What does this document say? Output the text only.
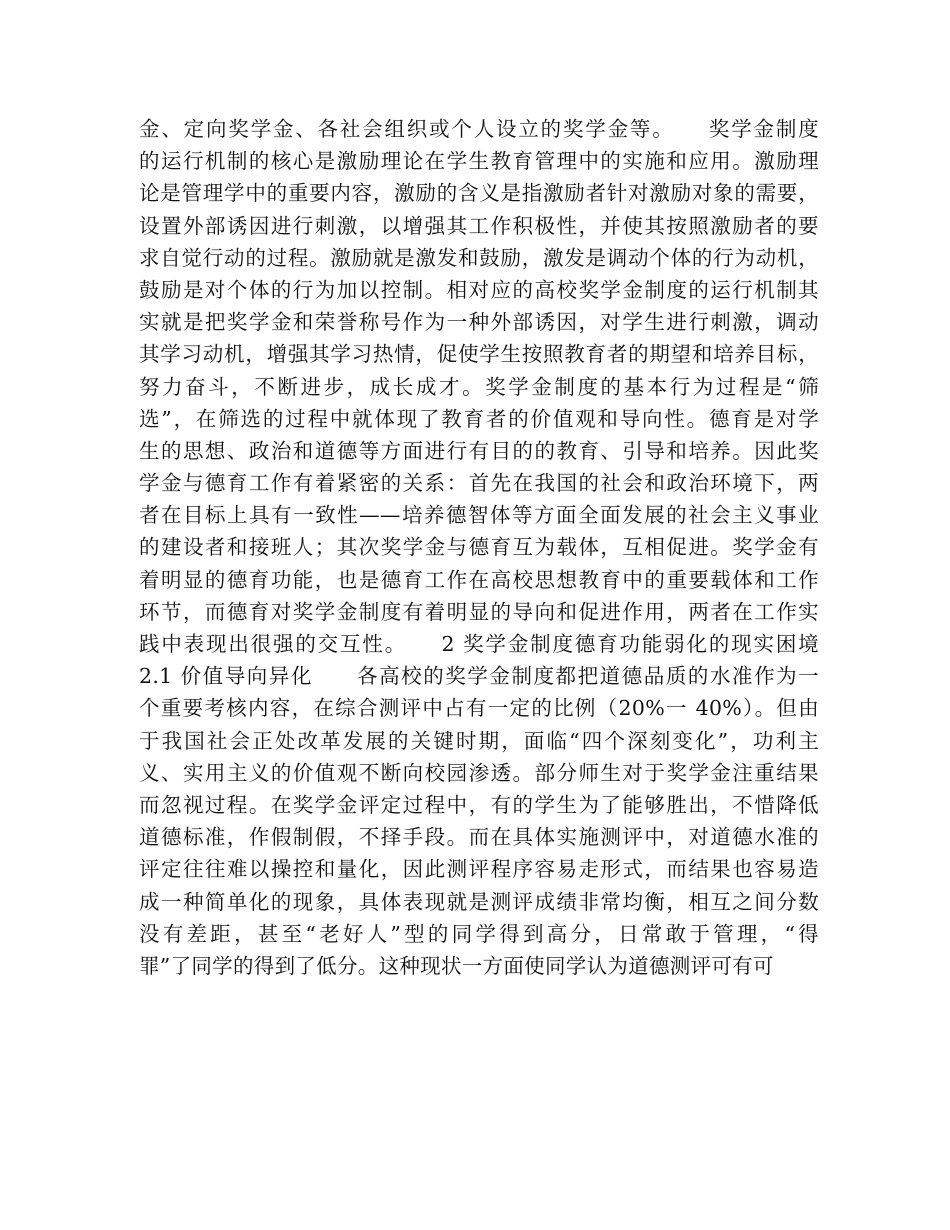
金、定向奖学金、各社会组织或个人设立的奖学金等。　　奖学金制度
的运行机制的核心是激励理论在学生教育管理中的实施和应用。激励理
论是管理学中的重要内容，激励的含义是指激励者针对激励对象的需要，
设置外部诱因进行刺激，以增强其工作积极性，并使其按照激励者的要
求自觉行动的过程。激励就是激发和鼓励，激发是调动个体的行为动机，
鼓励是对个体的行为加以控制。相对应的高校奖学金制度的运行机制其
实就是把奖学金和荣誉称号作为一种外部诱因，对学生进行刺激，调动
其学习动机，增强其学习热情，促使学生按照教育者的期望和培养目标，
努力奋斗，不断进步，成长成才。奖学金制度的基本行为过程是“筛
选”，在筛选的过程中就体现了教育者的价值观和导向性。德育是对学
生的思想、政治和道德等方面进行有目的的教育、引导和培养。因此奖
学金与德育工作有着紧密的关系：首先在我国的社会和政治环境下，两
者在目标上具有一致性——培养德智体等方面全面发展的社会主义事业
的建设者和接班人；其次奖学金与德育互为载体，互相促进。奖学金有
着明显的德育功能，也是德育工作在高校思想教育中的重要载体和工作
环节，而德育对奖学金制度有着明显的导向和促进作用，两者在工作实
践中表现出很强的交互性。　　2 奖学金制度德育功能弱化的现实困境
2.1 价值导向异化　　各高校的奖学金制度都把道德品质的水准作为一
个重要考核内容，在综合测评中占有一定的比例（20%一 40%）。但由
于我国社会正处改革发展的关键时期，面临“四个深刻变化”，功利主
义、实用主义的价值观不断向校园渗透。部分师生对于奖学金注重结果
而忽视过程。在奖学金评定过程中，有的学生为了能够胜出，不惜降低
道德标准，作假制假，不择手段。而在具体实施测评中，对道德水准的
评定往往难以操控和量化，因此测评程序容易走形式，而结果也容易造
成一种简单化的现象，具体表现就是测评成绩非常均衡，相互之间分数
没有差距，甚至“老好人”型的同学得到高分，日常敢于管理，“得
罪”了同学的得到了低分。这种现状一方面使同学认为道德测评可有可
